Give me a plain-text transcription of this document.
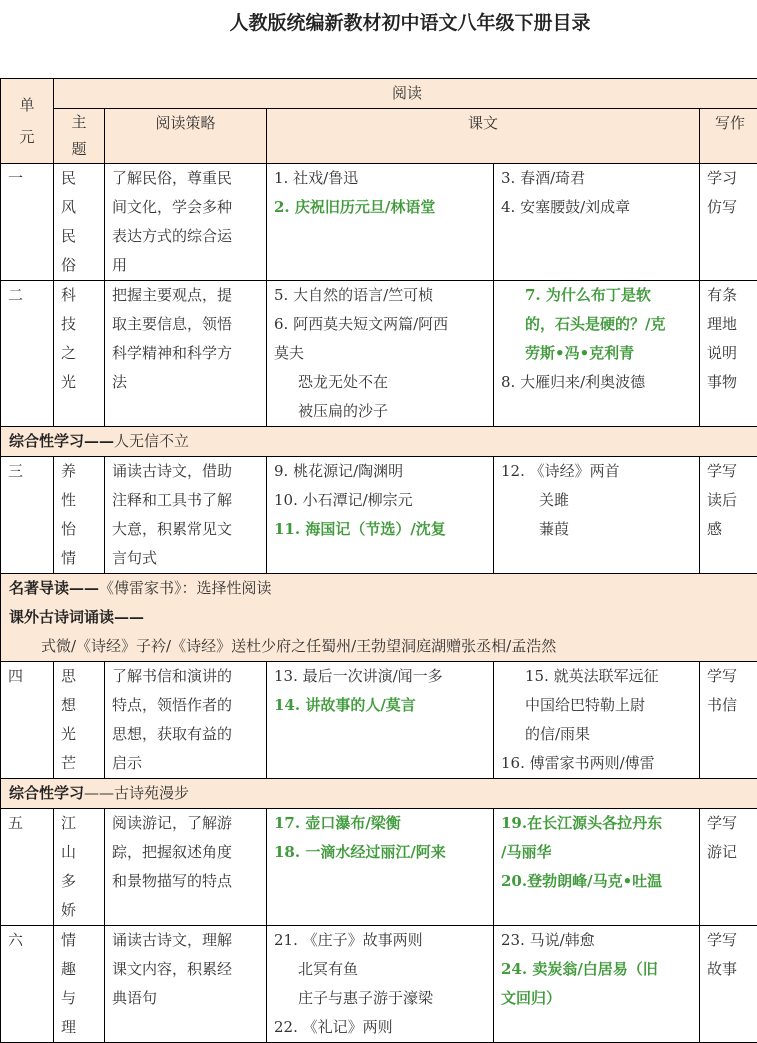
人教版统编新教材初中语文八年级下册目录
单元	阅读				
	主题	阅读策略	课文		写作
一	民
风
民
俗	了解民俗，尊重民
间文化，学会多种
表达方式的综合运
用	1. 社戏/鲁迅
2. 庆祝旧历元旦/林语堂	3. 春酒/琦君
4. 安塞腰鼓/刘成章	学习
仿写

二	科
技
之
光	把握主要观点，提
取主要信息，领悟
科学精神和科学方
法	5. 大自然的语言/竺可桢
6. 阿西莫夫短文两篇/阿西
莫夫
恐龙无处不在
被压扁的沙子	7. 为什么布丁是软
的，石头是硬的？/克
劳斯•冯•克利青
8. 大雁归来/利奥波德	有条
理地
说明
事物

综合性学习——人无信不立					
三	养
性
怡
情	诵读古诗文，借助
注释和工具书了解
大意，积累常见文
言句式	9. 桃花源记/陶渊明
10. 小石潭记/柳宗元
11. 海国记（节选）/沈复	12. 《诗经》两首
关雎
蒹葭	学写
读后
感

名著导读——《傅雷家书》：选择性阅读
课外古诗词诵读——
式微/《诗经》子衿/《诗经》送杜少府之任蜀州/王勃望洞庭湖赠张丞相/孟浩然					

四	思
想
光
芒	了解书信和演讲的
特点，领悟作者的
思想，获取有益的
启示	13. 最后一次讲演/闻一多
14. 讲故事的人/莫言	15. 就英法联军远征
中国给巴特勒上尉
的信/雨果
16. 傅雷家书两则/傅雷	学写
书信

综合性学习——古诗苑漫步					
五	江
山
多
娇	阅读游记，了解游
踪，把握叙述角度
和景物描写的特点	17. 壶口瀑布/梁衡
18. 一滴水经过丽江/阿来	19.在长江源头各拉丹东
/马丽华
20.登勃朗峰/马克•吐温	学写
游记

六	情
趣
与
理	诵读古诗文，理解
课文内容，积累经
典语句	21. 《庄子》故事两则
北冥有鱼
庄子与惠子游于濠梁
22. 《礼记》两则	23. 马说/韩愈
24. 卖炭翁/白居易（旧
文回归）	学写
故事
